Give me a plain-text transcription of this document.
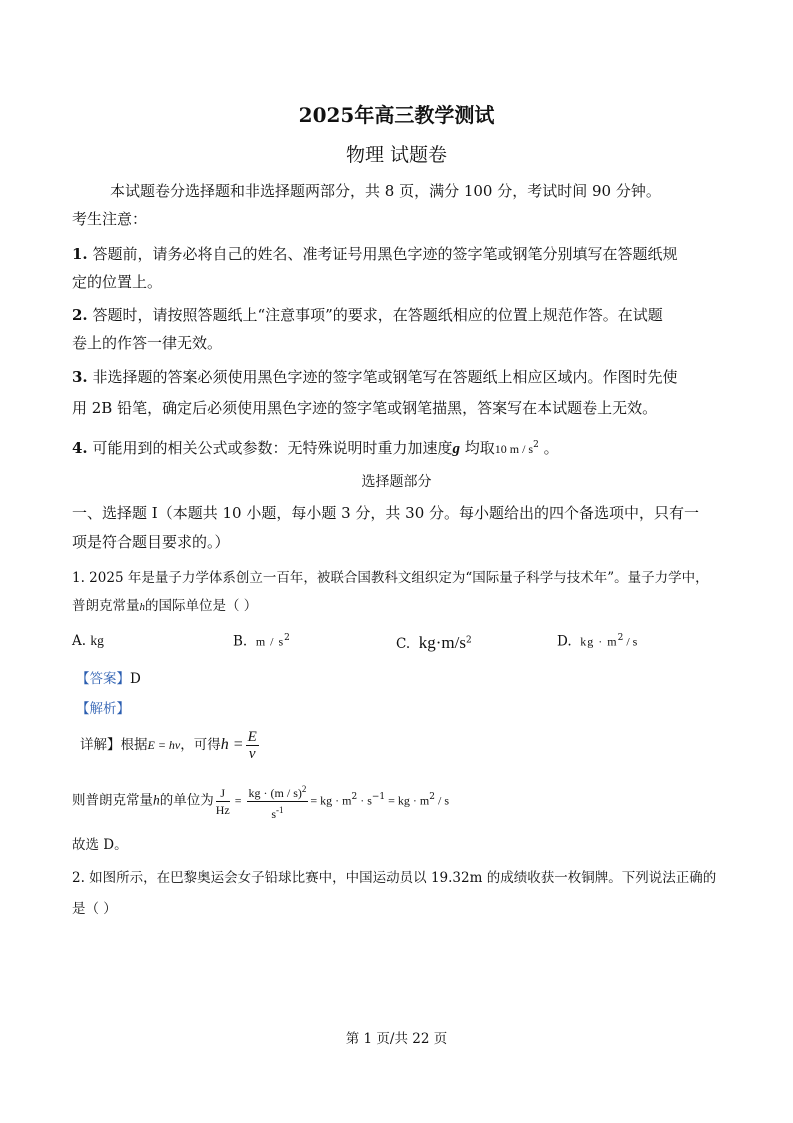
2025年高三教学测试
物理 试题卷
本试题卷分选择题和非选择题两部分，共 8 页，满分 100 分，考试时间 90 分钟。
考生注意：
1. 答题前，请务必将自己的姓名、准考证号用黑色字迹的签字笔或钢笔分别填写在答题纸规
定的位置上。
2. 答题时，请按照答题纸上“注意事项”的要求，在答题纸相应的位置上规范作答。在试题
卷上的作答一律无效。
3. 非选择题的答案必须使用黑色字迹的签字笔或钢笔写在答题纸上相应区域内。作图时先使
用 2B 铅笔，确定后必须使用黑色字迹的签字笔或钢笔描黑，答案写在本试题卷上无效。
4. 可能用到的相关公式或参数：无特殊说明时重力加速度g 均取10 m / $s^2$ 。
选择题部分
一、选择题 I（本题共 10 小题，每小题 3 分，共 30 分。每小题给出的四个备选项中，只有一
项是符合题目要求的。）
1. 2025 年是量子力学体系创立一百年，被联合国教科文组织定为“国际量子科学与技术年”。量子力学中，
普朗克常量h的国际单位是（ ）
A. kg	B. m / $s^2$	C. $kg\cdot m/s^2$	D. kg · $m^2$ / s
【答案】D
【解析】
详解】根据E = hν，可得$h = \frac{E}{\nu}$
则普朗克常量h的单位为 $\frac{J}{Hz} = \frac{kg \cdot (m / s)^2}{s^{-1}}$ = kg · $m^2 \cdot s^{-1}$ = kg · $m^2$ / s
故选 D。
2. 如图所示，在巴黎奥运会女子铅球比赛中，中国运动员以 19.32m 的成绩收获一枚铜牌。下列说法正确的
是（ ）
第 1 页/共 22 页
